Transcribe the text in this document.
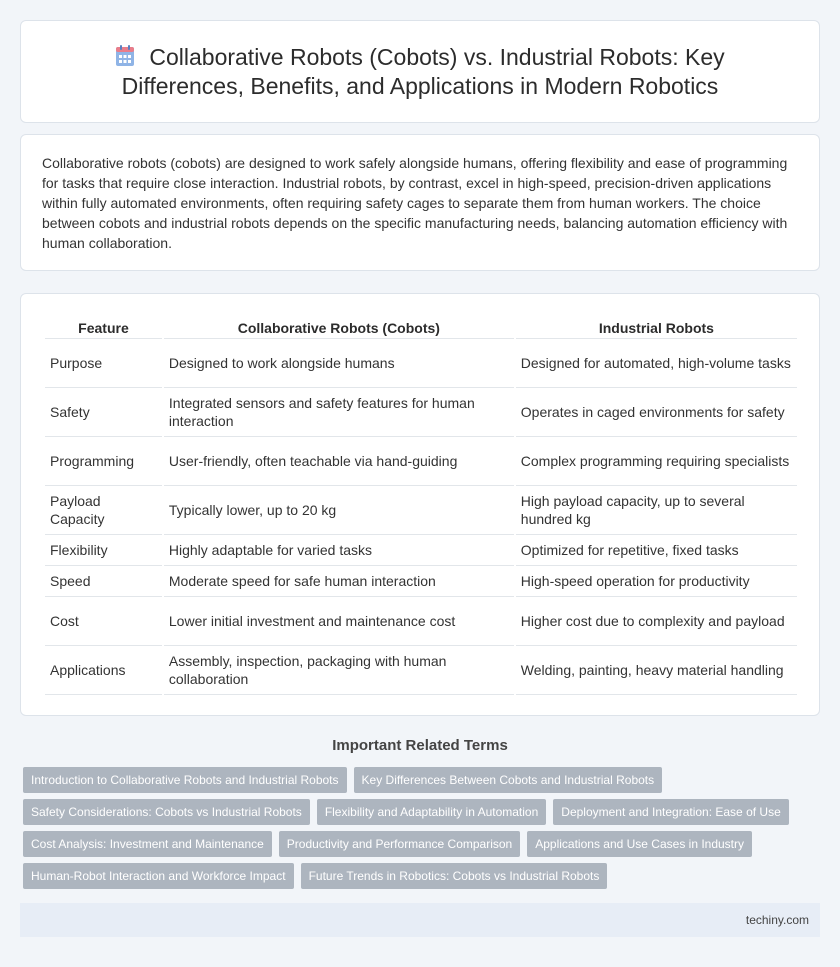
Collaborative Robots (Cobots) vs. Industrial Robots: Key Differences, Benefits, and Applications in Modern Robotics

Collaborative robots (cobots) are designed to work safely alongside humans, offering flexibility and ease of programming for tasks that require close interaction. Industrial robots, by contrast, excel in high-speed, precision-driven applications within fully automated environments, often requiring safety cages to separate them from human workers. The choice between cobots and industrial robots depends on the specific manufacturing needs, balancing automation efficiency with human collaboration.

Feature	Collaborative Robots (Cobots)	Industrial Robots
Purpose	Designed to work alongside humans	Designed for automated, high-volume tasks
Safety	Integrated sensors and safety features for human interaction	Operates in caged environments for safety
Programming	User-friendly, often teachable via hand-guiding	Complex programming requiring specialists
Payload Capacity	Typically lower, up to 20 kg	High payload capacity, up to several hundred kg
Flexibility	Highly adaptable for varied tasks	Optimized for repetitive, fixed tasks
Speed	Moderate speed for safe human interaction	High-speed operation for productivity
Cost	Lower initial investment and maintenance cost	Higher cost due to complexity and payload
Applications	Assembly, inspection, packaging with human collaboration	Welding, painting, heavy material handling
Important Related Terms
Introduction to Collaborative Robots and Industrial Robots	Key Differences Between Cobots and Industrial Robots
Safety Considerations: Cobots vs Industrial Robots	Flexibility and Adaptability in Automation	Deployment and Integration: Ease of Use
Cost Analysis: Investment and Maintenance	Productivity and Performance Comparison	Applications and Use Cases in Industry
Human-Robot Interaction and Workforce Impact	Future Trends in Robotics: Cobots vs Industrial Robots
techiny.com
